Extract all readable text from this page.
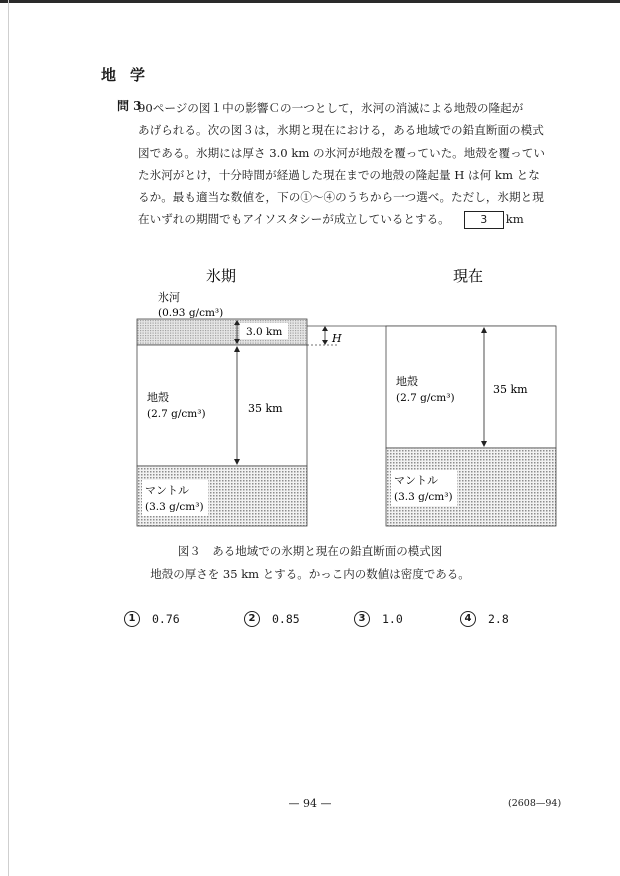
地学
問 3
90ページの図１中の影響Ｃの一つとして，氷河の消滅による地殻の隆起が
あげられる。次の図３は，氷期と現在における，ある地域での鉛直断面の模式
図である。氷期には厚さ 3.0 km の氷河が地殻を覆っていた。地殻を覆ってい
た氷河がとけ，十分時間が経過した現在までの地殻の隆起量 H は何 km とな
るか。最も適当な数値を，下の①～④のうちから一つ選べ。ただし，氷期と現
在いずれの期間でもアイソスタシーが成立しているとする。	3 km
氷期	現在
氷河
(0.93 g/cm³)
3.0 km
地殻
(2.7 g/cm³)	35 km
マントル
(3.3 g/cm³)
H
地殻
(2.7 g/cm³)
35 km
マントル
(3.3 g/cm³)
図３　ある地域での氷期と現在の鉛直断面の模式図
地殻の厚さを 35 km とする。かっこ内の数値は密度である。
1 0.76	2 0.85	3 1.0	4 2.8
— 94 —	(2608—94)
